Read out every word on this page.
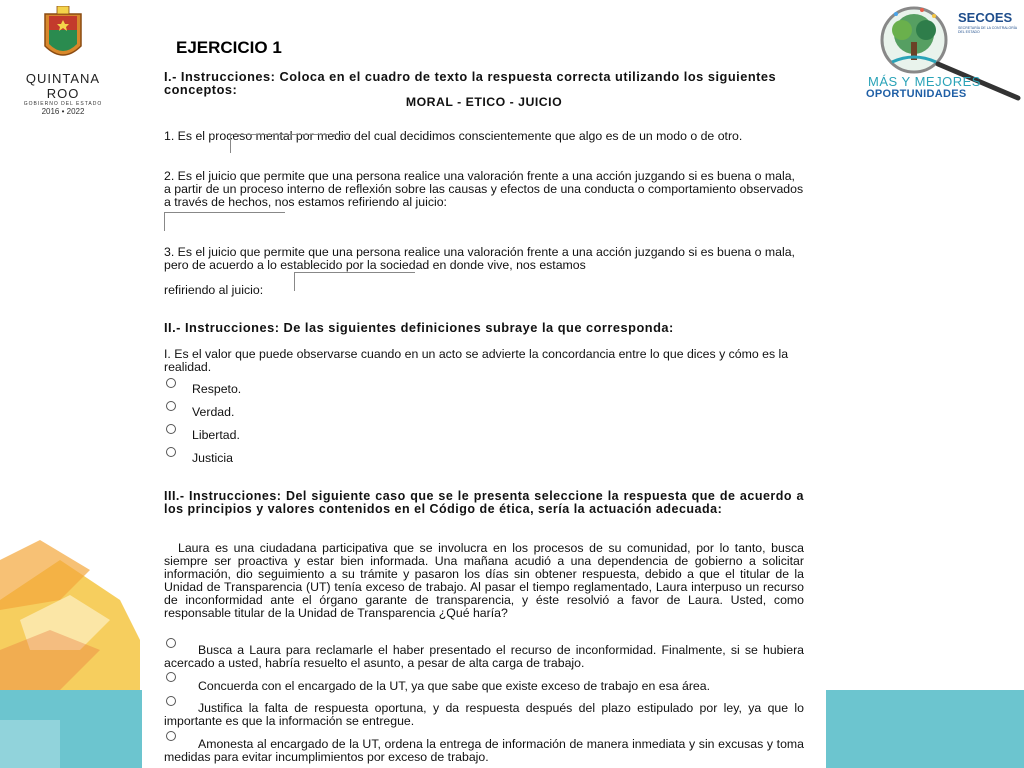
QUINTANA ROO
GOBIERNO DEL ESTADO
2016 • 2022
SECOES
SECRETARÍA DE LA CONTRALORÍA DEL ESTADO
MÁS Y MEJORES
OPORTUNIDADES
EJERCICIO 1

I.- Instrucciones: Coloca en el cuadro de texto la respuesta correcta utilizando los siguientes conceptos:

MORAL - ETICO - JUICIO

1. Es el proceso mental por medio del cual decidimos conscientemente que algo es de un modo o de otro.

2. Es el juicio que permite que una persona realice una valoración frente a una acción juzgando si es buena o mala, a partir de un proceso interno de reflexión sobre las causas y efectos de una conducta o comportamiento observados a través de hechos, nos estamos refiriendo al juicio:

3. Es el juicio que permite que una persona realice una valoración frente a una acción juzgando si es buena o mala, pero de acuerdo a lo establecido por la sociedad en donde vive, nos estamos

refiriendo al juicio:

II.- Instrucciones: De las siguientes definiciones subraye la que corresponda:

I. Es el valor que puede observarse cuando en un acto se advierte la concordancia entre lo que dices y cómo es la realidad.

Respeto.
Verdad.
Libertad.
Justicia

III.- Instrucciones: Del siguiente caso que se le presenta seleccione la respuesta que de acuerdo a los principios y valores contenidos en el Código de ética, sería la actuación adecuada:

Laura es una ciudadana participativa que se involucra en los procesos de su comunidad, por lo tanto, busca siempre ser proactiva y estar bien informada. Una mañana acudió a una dependencia de gobierno a solicitar información, dio seguimiento a su trámite y pasaron los días sin obtener respuesta, debido a que el titular de la Unidad de Transparencia (UT) tenía exceso de trabajo. Al pasar el tiempo reglamentado, Laura interpuso un recurso de inconformidad ante el órgano garante de transparencia, y éste resolvió a favor de Laura. Usted, como responsable titular de la Unidad de Transparencia ¿Qué haría?

Busca a Laura para reclamarle el haber presentado el recurso de inconformidad. Finalmente, si se hubiera acercado a usted, habría resuelto el asunto, a pesar de alta carga de trabajo.

Concuerda con el encargado de la UT, ya que sabe que existe exceso de trabajo en esa área.

Justifica la falta de respuesta oportuna, y da respuesta después del plazo estipulado por ley, ya que lo importante es que la información se entregue.

Amonesta al encargado de la UT, ordena la entrega de información de manera inmediata y sin excusas y toma medidas para evitar incumplimientos por exceso de trabajo.
